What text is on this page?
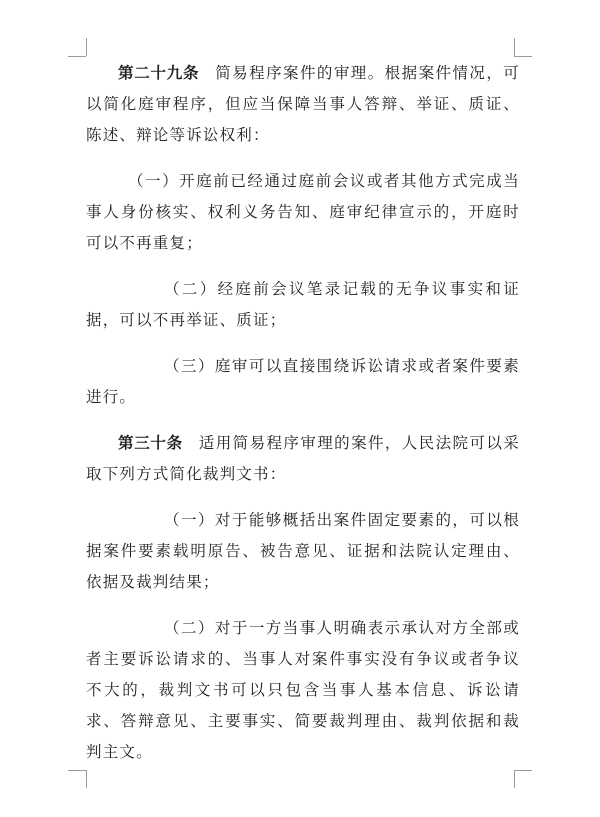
第二十九条 简易程序案件的审理。根据案件情况，可以简化庭审程序，但应当保障当事人答辩、举证、质证、陈述、辩论等诉讼权利：

（一）开庭前已经通过庭前会议或者其他方式完成当事人身份核实、权利义务告知、庭审纪律宣示的，开庭时可以不再重复；

（二）经庭前会议笔录记载的无争议事实和证据，可以不再举证、质证；

（三）庭审可以直接围绕诉讼请求或者案件要素进行。

第三十条 适用简易程序审理的案件，人民法院可以采取下列方式简化裁判文书：

（一）对于能够概括出案件固定要素的，可以根据案件要素载明原告、被告意见、证据和法院认定理由、依据及裁判结果；

（二）对于一方当事人明确表示承认对方全部或者主要诉讼请求的、当事人对案件事实没有争议或者争议不大的，裁判文书可以只包含当事人基本信息、诉讼请求、答辩意见、主要事实、简要裁判理由、裁判依据和裁判主文。
